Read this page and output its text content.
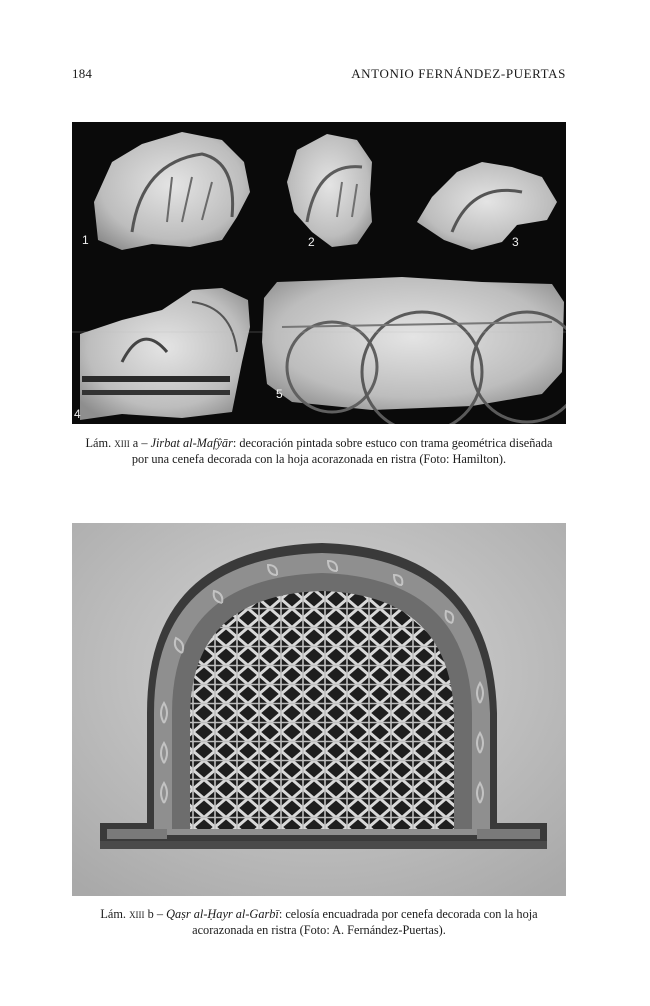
184	ANTONIO FERNÁNDEZ-PUERTAS
1	2	3
4
5
Lám. xiii a – Jirbat al-Mafŷār: decoración pintada sobre estuco con trama geométrica diseñada
por una cenefa decorada con la hoja acorazonada en ristra (Foto: Hamilton).
Lám. xiii b – Qaṣr al-Ḥayr al-Garbī: celosía encuadrada por cenefa decorada con la hoja
acorazonada en ristra (Foto: A. Fernández-Puertas).
